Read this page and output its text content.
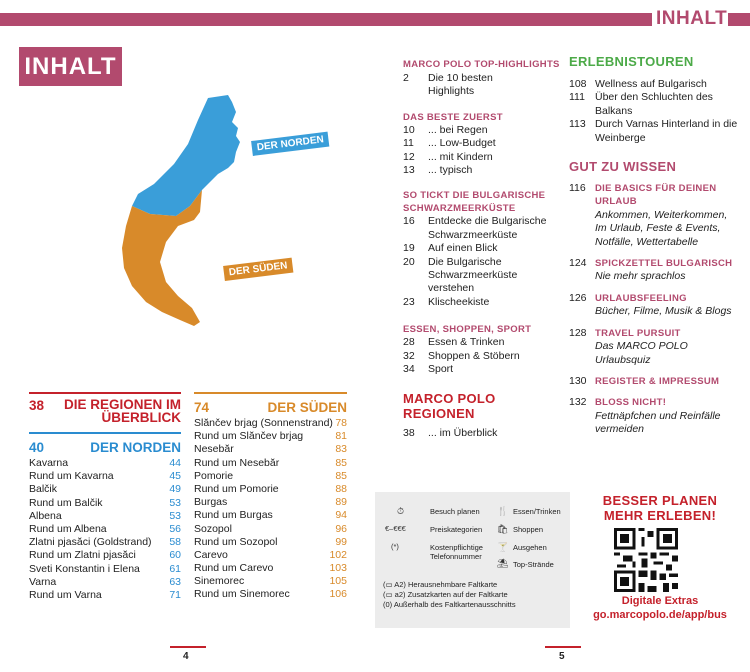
INHALT
INHALT
DER NORDEN
DER SÜDEN
38 DIE REGIONEN IM
ÜBERBLICK
40	DER NORDEN
Kavarna	44
Rund um Kavarna	45
Balčik	49
Rund um Balčik	53
Albena	53
Rund um Albena	56
Zlatni pjasăci (Goldstrand) 58
Rund um Zlatni pjasăci	60
Sveti Konstantin i Elena	61
Varna	63
Rund um Varna	71
74	DER SÜDEN
Slănčev brjag (Sonnenstrand) 78
Rund um Slănčev brjag	81
Nesebăr	83
Rund um Nesebăr	85
Pomorie	85
Rund um Pomorie	88
Burgas	89
Rund um Burgas	94
Sozopol	96
Rund um Sozopol	99
Carevo	102
Rund um Carevo	103
Sinemorec	105
Rund um Sinemorec	106
MARCO POLO TOP-HIGHLIGHTS
2 Die 10 besten
Highlights
DAS BESTE ZUERST
10 ... bei Regen
11 ... Low-Budget
12 ... mit Kindern
13 ... typisch
SO TICKT DIE BULGARISCHE
SCHWARZMEERKÜSTE
16 Entdecke die Bulgarische
Schwarzmeerküste
19 Auf einen Blick
20 Die Bulgarische
Schwarzmeerküste verstehen
23 Klischeekiste
ESSEN, SHOPPEN, SPORT
28 Essen & Trinken
32 Shoppen & Stöbern
34 Sport
MARCO POLO REGIONEN
38 ... im Überblick
ERLEBNISTOUREN
108 Wellness auf Bulgarisch
111 Über den Schluchten des
Balkans
113 Durch Varnas Hinterland in die
Weinberge
GUT ZU WISSEN
116 DIE BASICS FÜR DEINEN
URLAUB
Ankommen, Weiterkommen,
Im Urlaub, Feste & Events,
Notfälle, Wettertabelle
124 SPICKZETTEL BULGARISCH
Nie mehr sprachlos
126 URLAUBSFEELING
Bücher, Filme, Musik & Blogs
128 TRAVEL PURSUIT
Das MARCO POLO Urlaubsquiz
130 REGISTER & IMPRESSUM
132 BLOSS NICHT!
Fettnäpfchen und Reinfälle
vermeiden
⏱	Besuch planen 🍴 Essen/Trinken
€–€€€	Preiskategorien 🛍 Shoppen
(*)	Kostenpflichtige
Telefonnummer
🍸 Ausgehen
⛱ Top-Strände
(▭ A2) Herausnehmbare Faltkarte
(▭ a2) Zusatzkarten auf der Faltkarte
(0) Außerhalb des Faltkartenausschnitts
BESSER PLANEN
MEHR ERLEBEN!
Digitale Extras
go.marcopolo.de/app/bus
4	5
